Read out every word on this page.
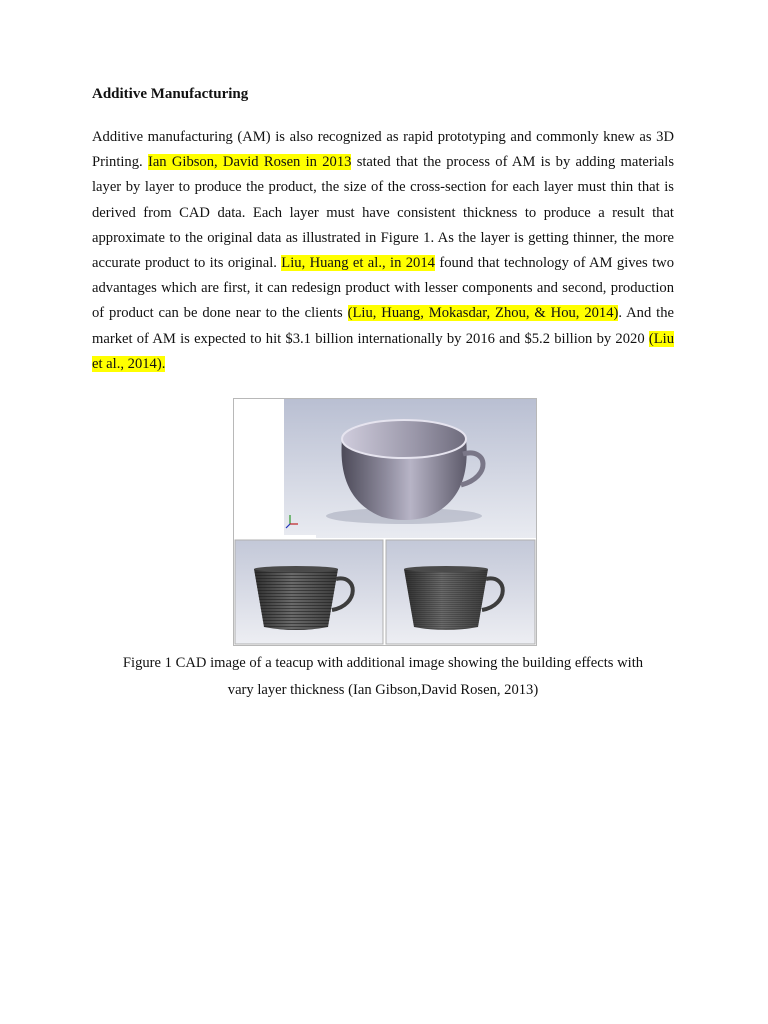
Additive Manufacturing
Additive manufacturing (AM) is also recognized as rapid prototyping and commonly knew as 3D Printing. Ian Gibson, David Rosen in 2013 stated that the process of AM is by adding materials layer by layer to produce the product, the size of the cross-section for each layer must thin that is derived from CAD data. Each layer must have consistent thickness to produce a result that approximate to the original data as illustrated in Figure 1. As the layer is getting thinner, the more accurate product to its original. Liu, Huang et al., in 2014 found that technology of AM gives two advantages which are first, it can redesign product with lesser components and second, production of product can be done near to the clients (Liu, Huang, Mokasdar, Zhou, & Hou, 2014). And the market of AM is expected to hit $3.1 billion internationally by 2016 and $5.2 billion by 2020 (Liu et al., 2014).
Figure 1 CAD image of a teacup with additional image showing the building effects with
vary layer thickness (Ian Gibson,David Rosen, 2013)
